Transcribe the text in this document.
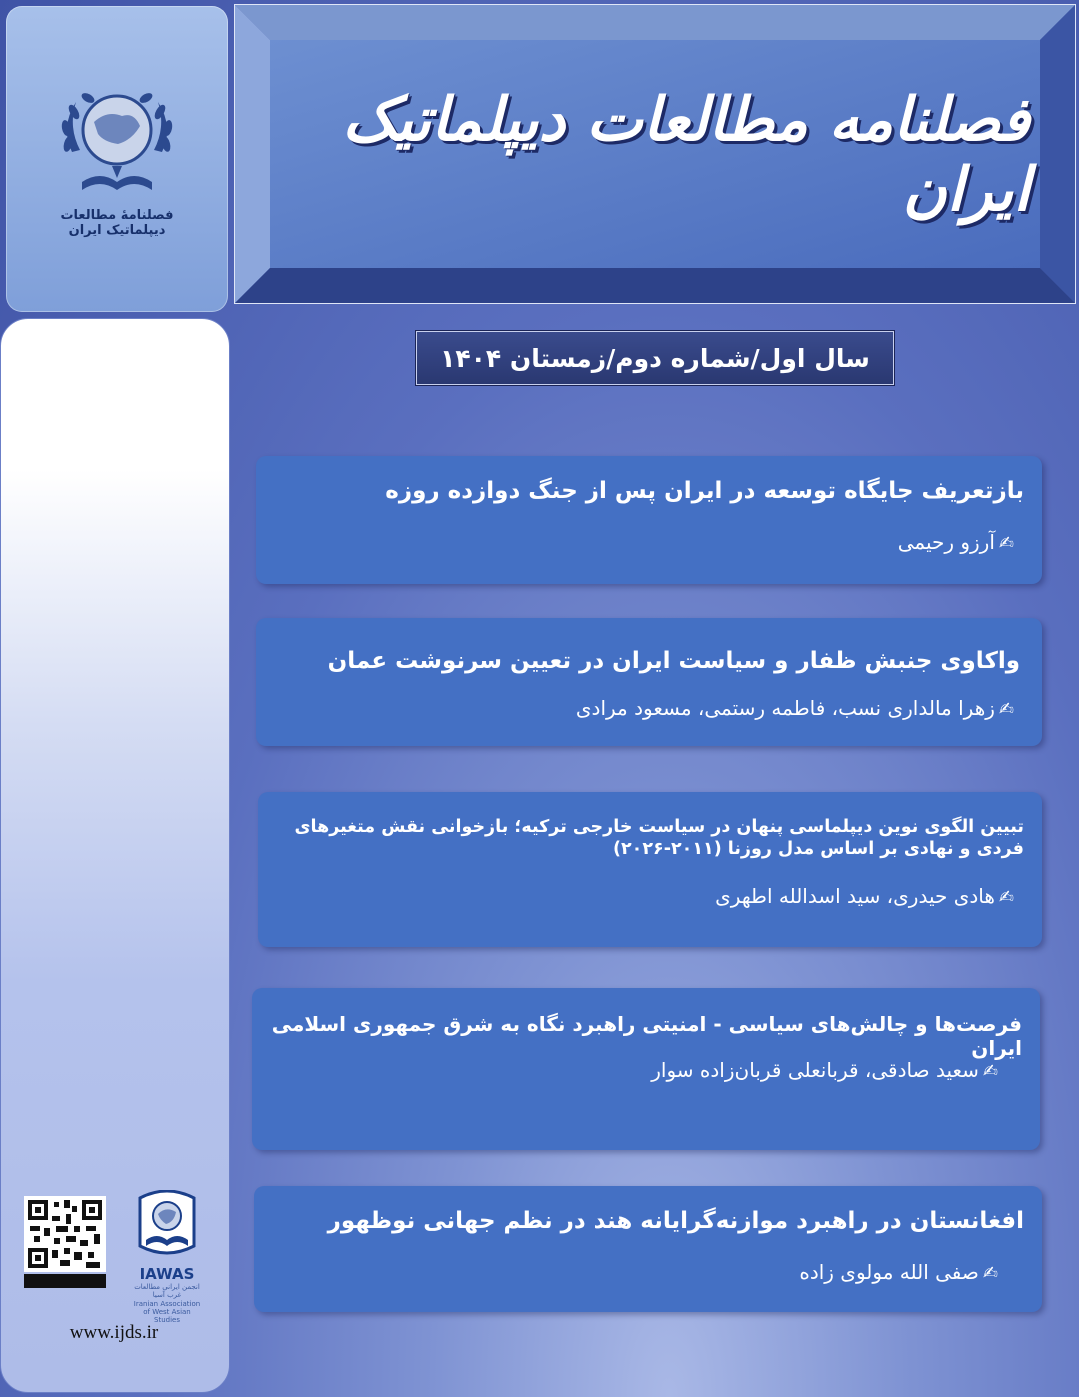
فصلنامۀ مطالعات
دیپلماتیک ایران
IAWAS
انجمن ایرانی مطالعات غرب آسیا
Iranian Association of West Asian Studies
www.ijds.ir
فصلنامه مطالعات دیپلماتیک ایران
سال اول/شماره دوم/زمستان ۱۴۰۴
بازتعریف جایگاه توسعه در ایران پس از جنگ دوازده روزه
✍آرزو رحیمی
واکاوی جنبش ظفار و سیاست ایران در تعیین سرنوشت عمان
✍زهرا مالداری نسب، فاطمه رستمی، مسعود مرادی
تبیین الگوی نوین دیپلماسی پنهان در سیاست خارجی ترکیه؛ بازخوانی نقش متغیرهای فردی و نهادی بر اساس مدل روزنا (۲۰۱۱-۲۰۲۶)
✍هادی حیدری، سید اسدالله اطهری
فرصت‌ها و چالش‌های سیاسی - امنیتی راهبرد نگاه به شرق جمهوری اسلامی ایران
✍سعید صادقی، قربانعلی قربان‌زاده سوار
افغانستان در راهبرد موازنه‌گرایانه هند در نظم جهانی نوظهور
✍صفی الله مولوی زاده
